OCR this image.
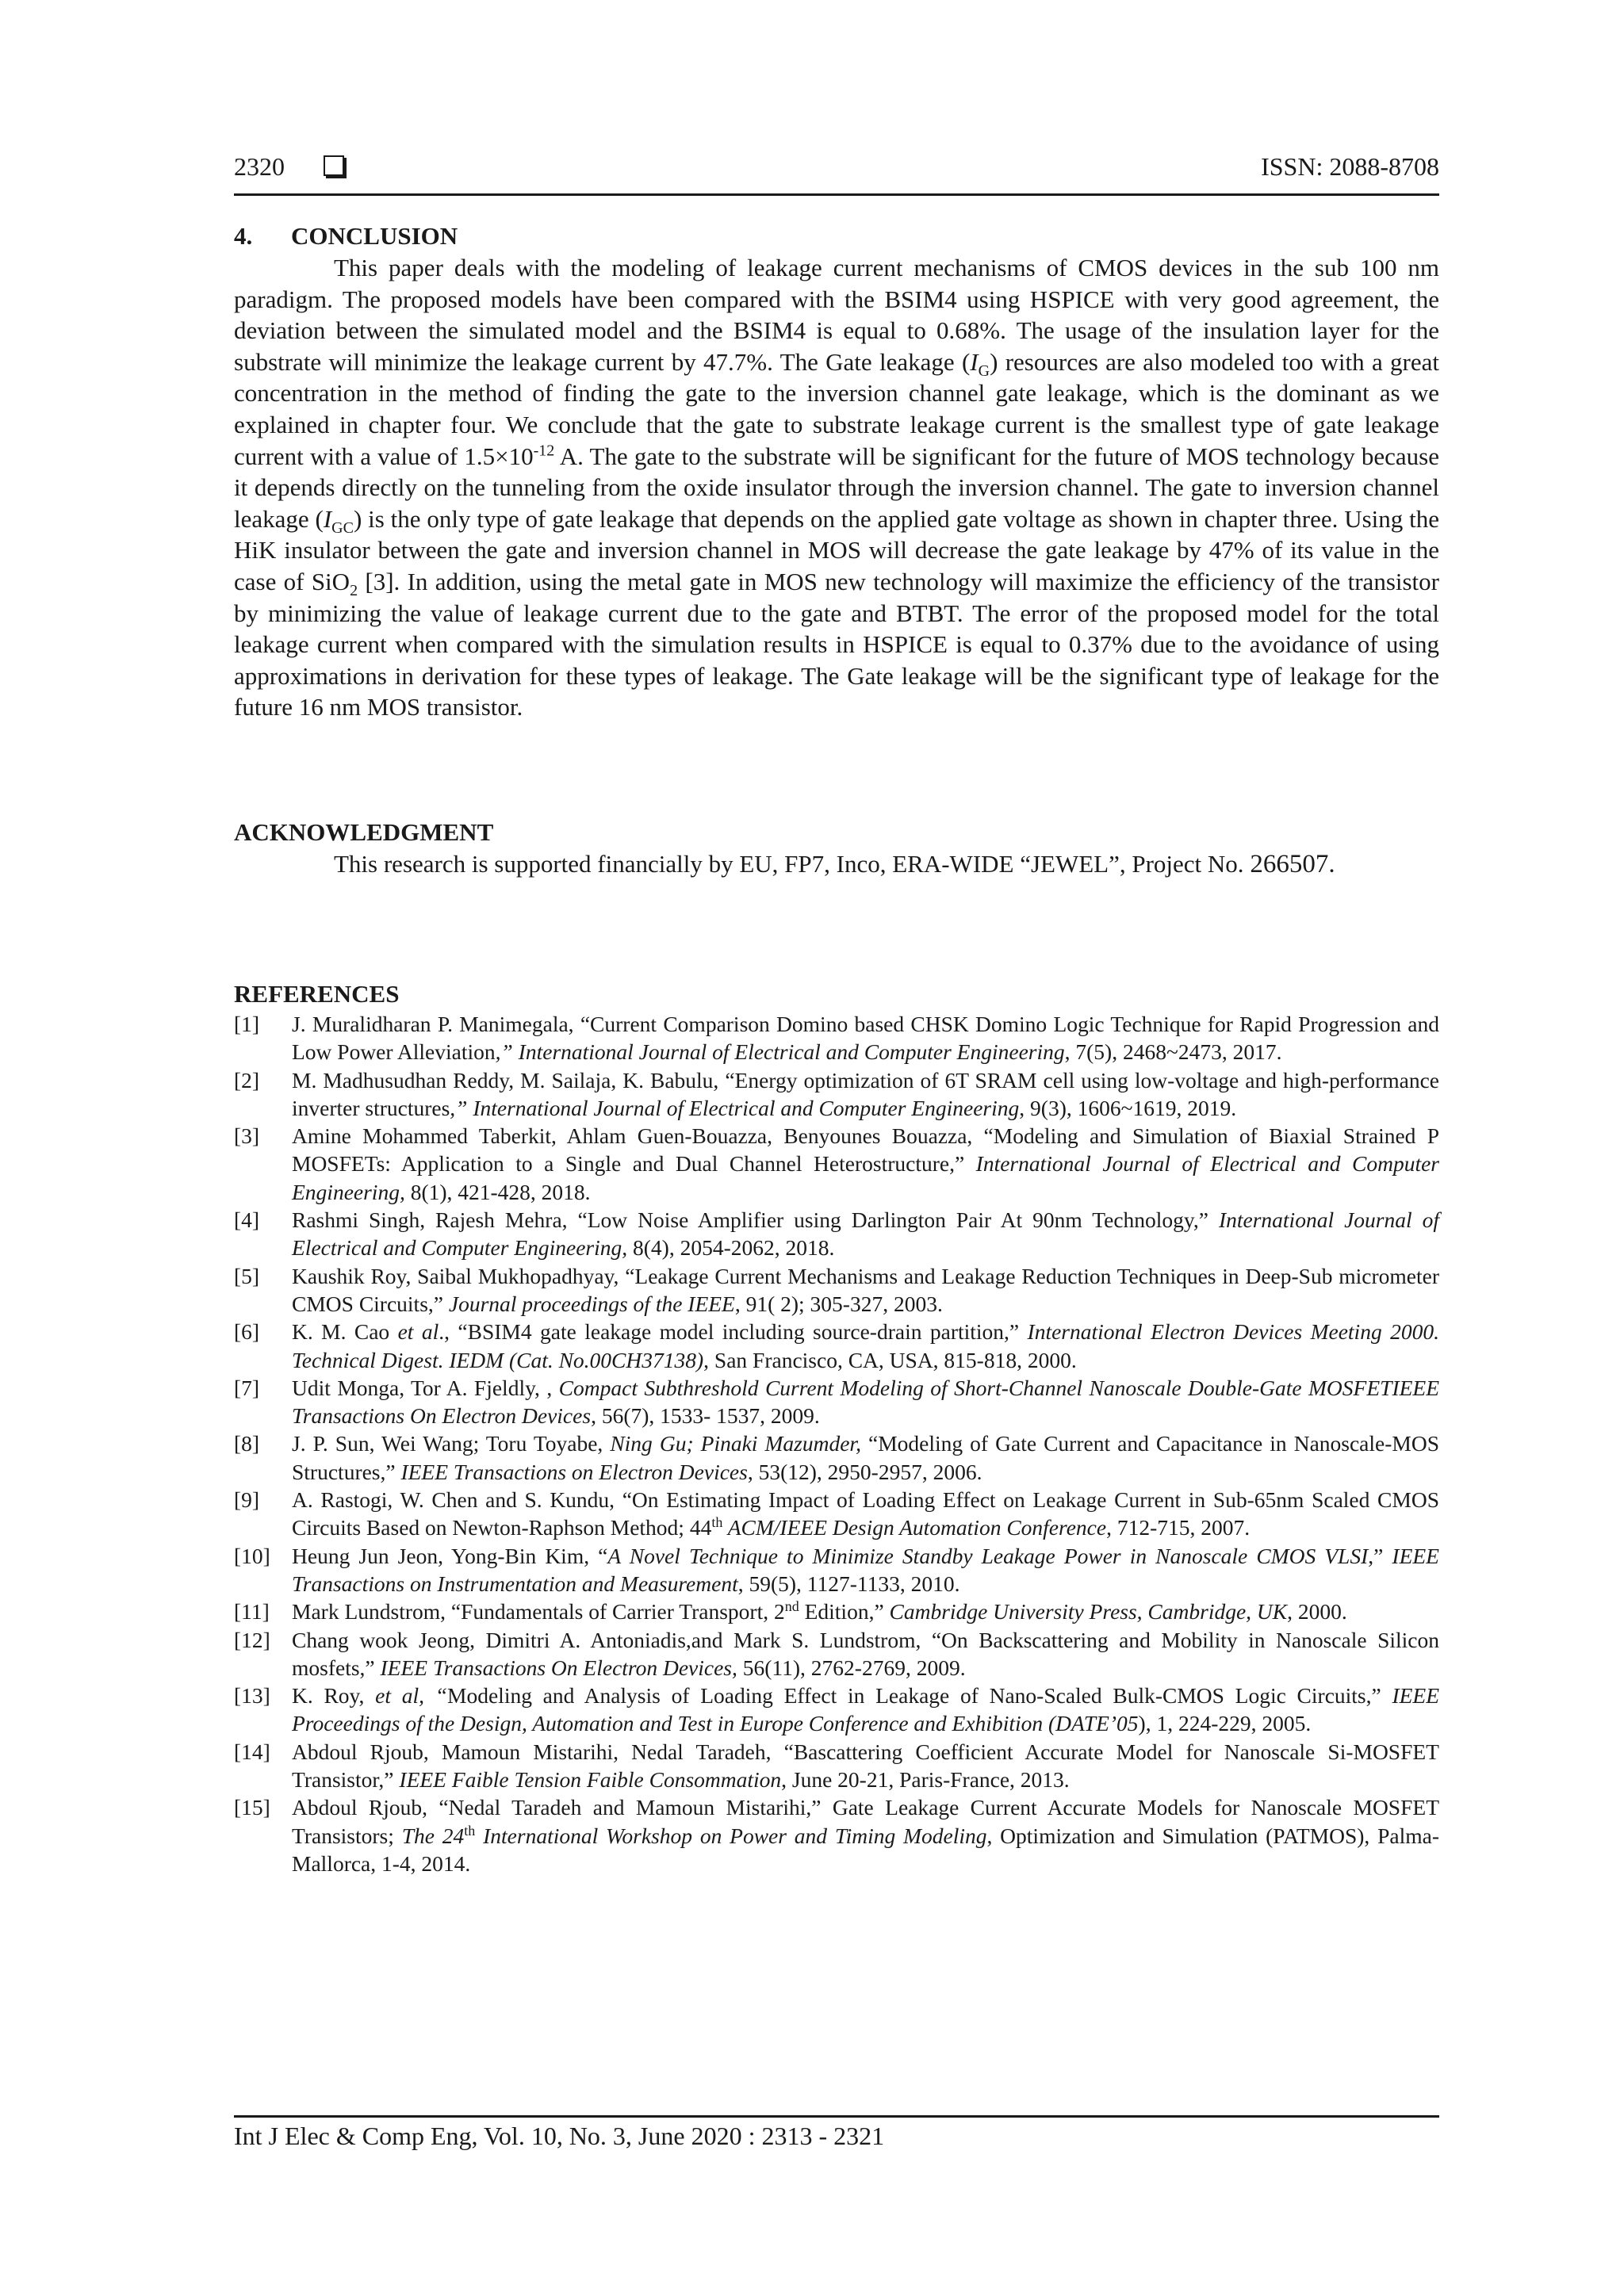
2320	ISSN: 2088-8708
4. CONCLUSION

This paper deals with the modeling of leakage current mechanisms of CMOS devices in the sub 100 nm paradigm. The proposed models have been compared with the BSIM4 using HSPICE with very good agreement, the deviation between the simulated model and the BSIM4 is equal to 0.68%. The usage of the insulation layer for the substrate will minimize the leakage current by 47.7%. The Gate leakage $(I_G)$ resources are also modeled too with a great concentration in the method of finding the gate to the inversion channel gate leakage, which is the dominant as we explained in chapter four. We conclude that the gate to substrate leakage current is the smallest type of gate leakage current with a value of $1.5\times 10^{-12}$ A. The gate to the substrate will be significant for the future of MOS technology because it depends directly on the tunneling from the oxide insulator through the inversion channel. The gate to inversion channel leakage $(I_{GC})$ is the only type of gate leakage that depends on the applied gate voltage as shown in chapter three. Using the HiK insulator between the gate and inversion channel in MOS will decrease the gate leakage by 47% of its value in the case of SiO$_2$ [3]. In addition, using the metal gate in MOS new technology will maximize the efficiency of the transistor by minimizing the value of leakage current due to the gate and BTBT. The error of the proposed model for the total leakage current when compared with the simulation results in HSPICE is equal to 0.37% due to the avoidance of using approximations in derivation for these types of leakage. The Gate leakage will be the significant type of leakage for the future 16 nm MOS transistor.

ACKNOWLEDGMENT

This research is supported financially by EU, FP7, Inco, ERA-WIDE “JEWEL”, Project No. 266507.

REFERENCES
[1] J. Muralidharan P. Manimegala, “Current Comparison Domino based CHSK Domino Logic Technique for Rapid Progression and Low Power Alleviation,” International Journal of Electrical and Computer Engineering, 7(5), 2468~2473, 2017.
[2] M. Madhusudhan Reddy, M. Sailaja, K. Babulu, “Energy optimization of 6T SRAM cell using low-voltage and high-performance inverter structures,” International Journal of Electrical and Computer Engineering, 9(3), 1606~1619, 2019.
[3] Amine Mohammed Taberkit, Ahlam Guen-Bouazza, Benyounes Bouazza, “Modeling and Simulation of Biaxial Strained P MOSFETs: Application to a Single and Dual Channel Heterostructure,” International Journal of Electrical and Computer Engineering, 8(1), 421-428, 2018.
[4] Rashmi Singh, Rajesh Mehra, “Low Noise Amplifier using Darlington Pair At 90nm Technology,” International Journal of Electrical and Computer Engineering, 8(4), 2054-2062, 2018.
[5] Kaushik Roy, Saibal Mukhopadhyay, “Leakage Current Mechanisms and Leakage Reduction Techniques in Deep-Sub micrometer CMOS Circuits,” Journal proceedings of the IEEE, 91( 2); 305-327, 2003.
[6] K. M. Cao et al., “BSIM4 gate leakage model including source-drain partition,” International Electron Devices Meeting 2000. Technical Digest. IEDM (Cat. No.00CH37138), San Francisco, CA, USA, 815-818, 2000.
[7] Udit Monga, Tor A. Fjeldly, , Compact Subthreshold Current Modeling of Short-Channel Nanoscale Double-Gate MOSFETIEEE Transactions On Electron Devices, 56(7), 1533- 1537, 2009.
[8] J. P. Sun, Wei Wang; Toru Toyabe, Ning Gu; Pinaki Mazumder, “Modeling of Gate Current and Capacitance in Nanoscale-MOS Structures,” IEEE Transactions on Electron Devices, 53(12), 2950-2957, 2006.
[9] A. Rastogi, W. Chen and S. Kundu, “On Estimating Impact of Loading Effect on Leakage Current in Sub-65nm Scaled CMOS Circuits Based on Newton-Raphson Method; 44th ACM/IEEE Design Automation Conference, 712-715, 2007.
[10] Heung Jun Jeon, Yong-Bin Kim, “A Novel Technique to Minimize Standby Leakage Power in Nanoscale CMOS VLSI,” IEEE Transactions on Instrumentation and Measurement, 59(5), 1127-1133, 2010.
[11] Mark Lundstrom, “Fundamentals of Carrier Transport, 2nd Edition,” Cambridge University Press, Cambridge, UK, 2000.
[12] Chang wook Jeong, Dimitri A. Antoniadis,and Mark S. Lundstrom, “On Backscattering and Mobility in Nanoscale Silicon mosfets,” IEEE Transactions On Electron Devices, 56(11), 2762-2769, 2009.
[13] K. Roy, et al, “Modeling and Analysis of Loading Effect in Leakage of Nano-Scaled Bulk-CMOS Logic Circuits,” IEEE Proceedings of the Design, Automation and Test in Europe Conference and Exhibition (DATE’05), 1, 224-229, 2005.
[14] Abdoul Rjoub, Mamoun Mistarihi, Nedal Taradeh, “Bascattering Coefficient Accurate Model for Nanoscale Si-MOSFET Transistor,” IEEE Faible Tension Faible Consommation, June 20-21, Paris-France, 2013.
[15] Abdoul Rjoub, “Nedal Taradeh and Mamoun Mistarihi,” Gate Leakage Current Accurate Models for Nanoscale MOSFET Transistors; The 24th International Workshop on Power and Timing Modeling, Optimization and Simulation (PATMOS), Palma-Mallorca, 1-4, 2014.
Int J Elec & Comp Eng, Vol. 10, No. 3, June 2020 : 2313 - 2321
